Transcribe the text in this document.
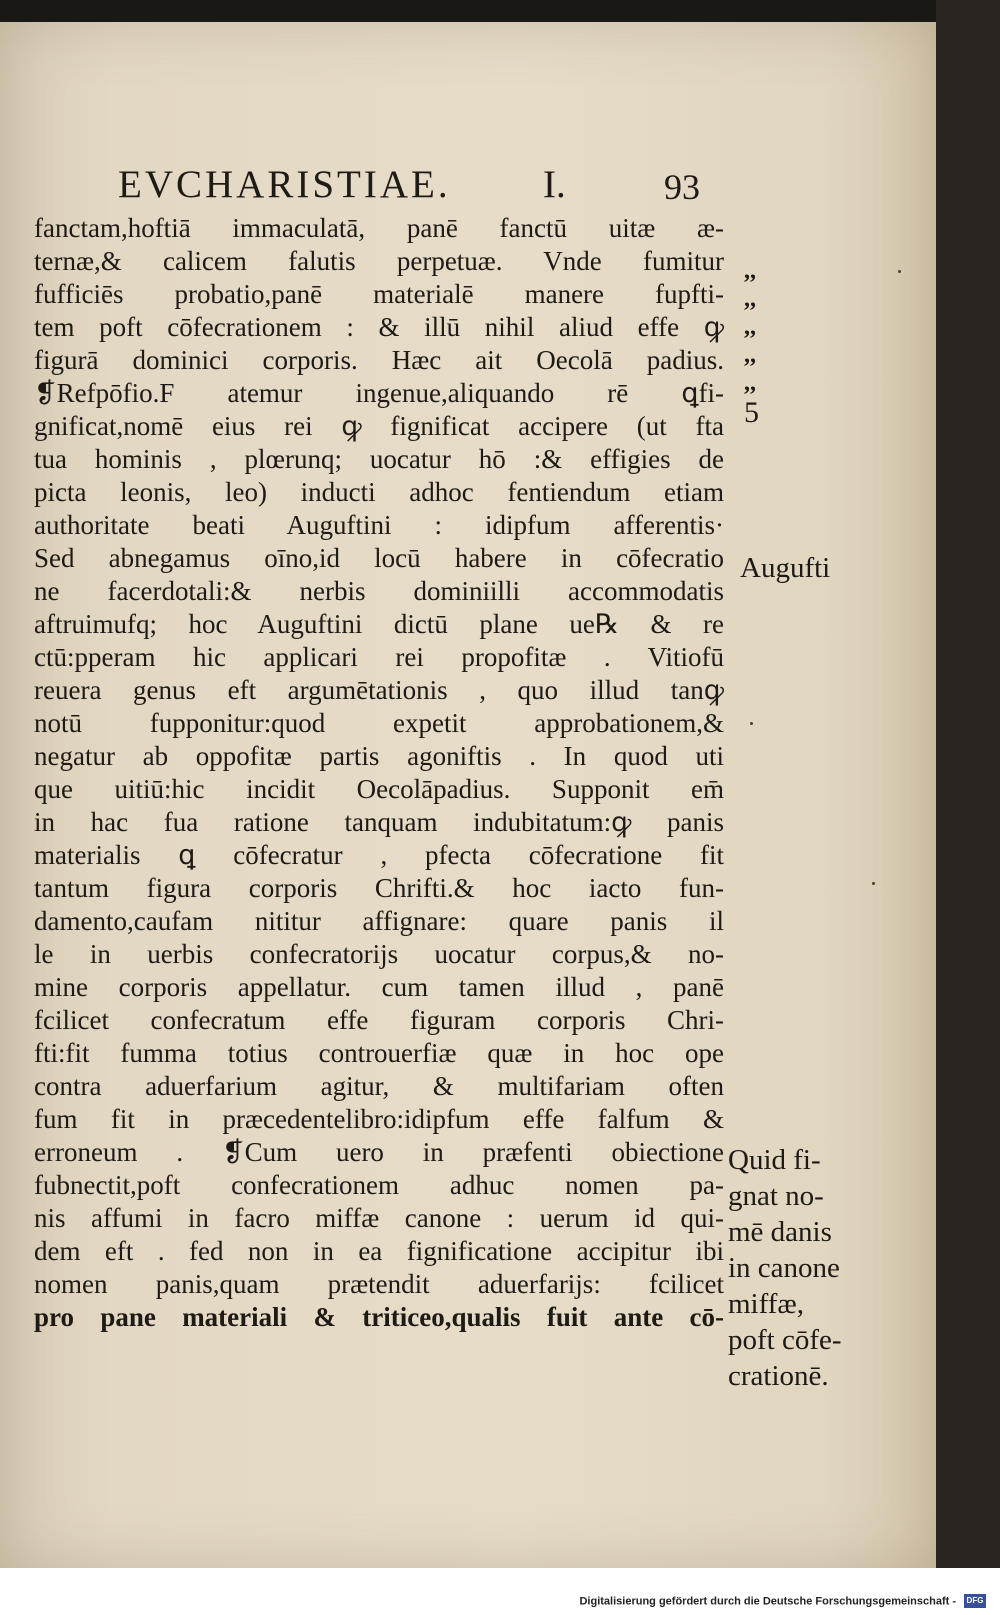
EVCHARISTIAE. I.	93
fanctam,hoftiā immaculatā, panē fanctū uitæ æ-
ternæ,& calicem falutis perpetuæ. Vnde fumitur
fufficiēs probatio,panē materialē manere fupfti-
tem poft cōfecrationem : & illū nihil aliud effe ꝙ
figurā dominici corporis. Hæc ait Oecolā padius.
❡Refpōfio.F atemur ingenue,aliquando rē ꝗfi-
gnificat,nomē eius rei ꝙ fignificat accipere (ut fta
tua hominis , plœrunq; uocatur hō :& effigies de
picta leonis, leo) inducti adhoc fentiendum etiam
authoritate beati Auguftini : idipfum afferentis·
Sed abnegamus oīno,id locū habere in cōfecratio
ne facerdotali:& nerbis dominiilli accommodatis
aftruimufq; hoc Auguftini dictū plane ue℞ & re
ctū:pperam hic applicari rei propofitæ . Vitiofū
reuera genus eft argumētationis , quo illud tanꝙ
notū fupponitur:quod expetit approbationem,&
negatur ab oppofitæ partis agoniftis . In quod uti
que uitiū:hic incidit Oecolāpadius. Supponit em̄
in hac fua ratione tanquam indubitatum:ꝙ panis
materialis ꝗ cōfecratur , pfecta cōfecratione fit
tantum figura corporis Chrifti.& hoc iacto fun-
damento,caufam nititur affignare: quare panis il
le in uerbis confecratorijs uocatur corpus,& no-
mine corporis appellatur. cum tamen illud , panē
fcilicet confecratum effe figuram corporis Chri-
fti:fit fumma totius controuerfiæ quæ in hoc ope
contra aduerfarium agitur, & multifariam often
fum fit in præcedentelibro:idipfum effe falfum &
erroneum . ❡Cum uero in præfenti obiectione
fubnectit,poft confecrationem adhuc nomen pa-
nis affumi in facro miffæ canone : uerum id qui-
dem eft . fed non in ea fignificatione accipitur ibi
nomen panis,quam prætendit aduerfarijs: fcilicet
pro pane materiali & triticeo,qualis fuit ante cō-
,,
,,
,,
,,
,,
5
Augufti
Quid fi-
gnat no-
mē danis
in canone
miffæ,
poft cōfe-
crationē.
Digitalisierung gefördert durch die Deutsche Forschungsgemeinschaft - DFG
